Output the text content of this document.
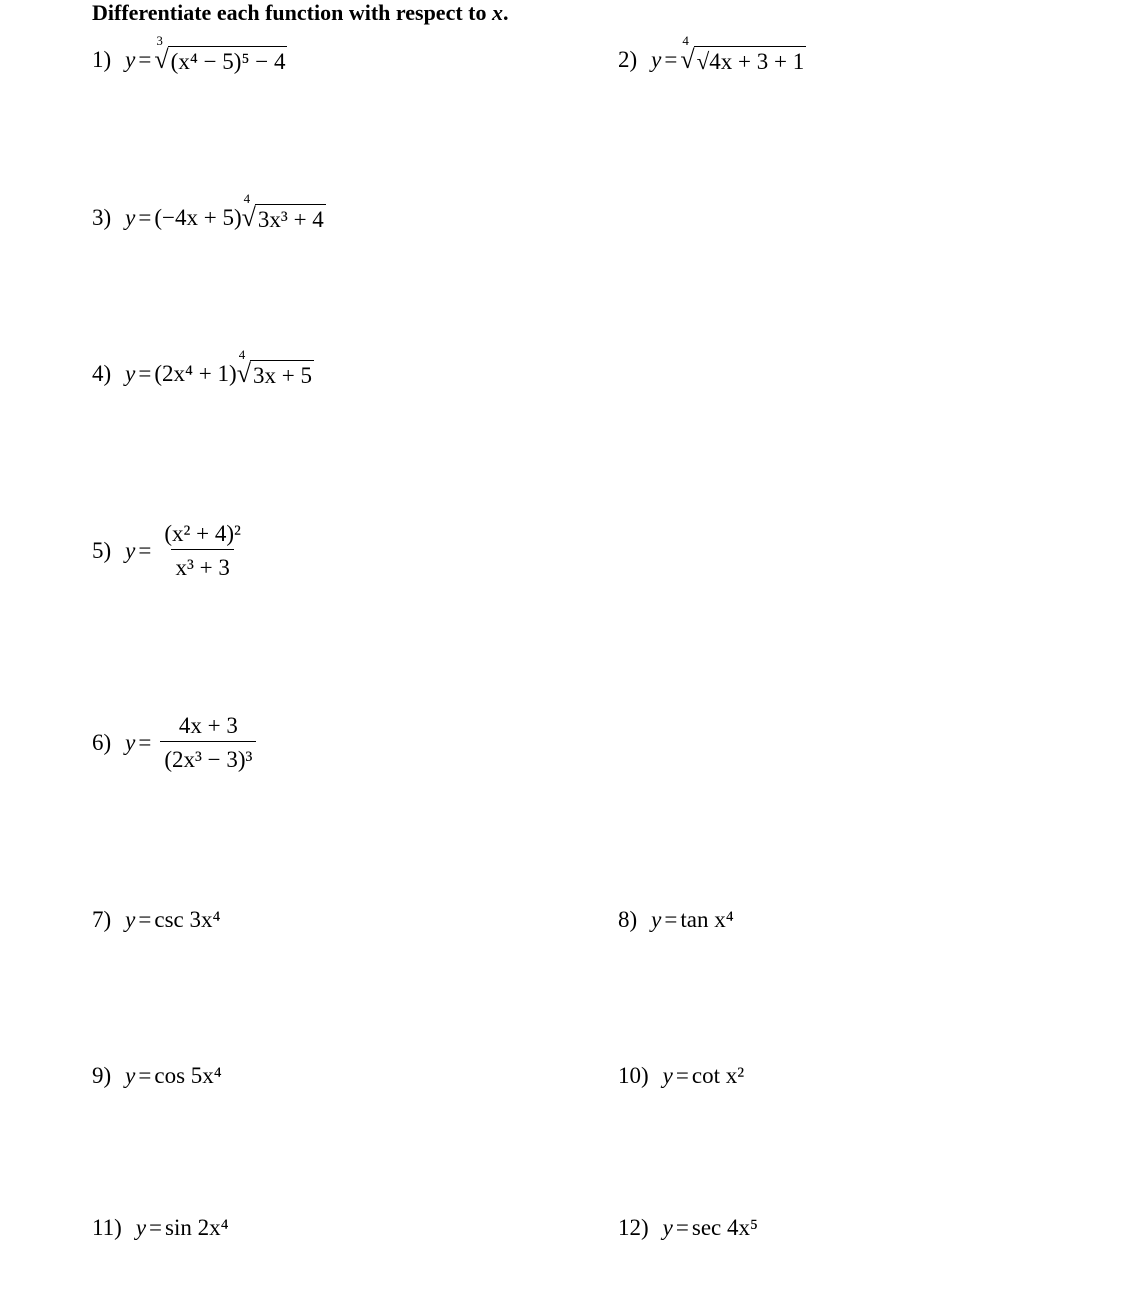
Differentiate each function with respect to x.
1) y =
3
√ (x⁴ − 5)⁵ − 4	2) y =
4
√ √4x + 3 + 1
3) y = (−4x + 5)
4
√ 3x³ + 4
4) y = (2x⁴ + 1)
4
√ 3x + 5
5) $y = \frac{\text{(x² + 4)²}}{\text{x³ + 3}}$
6) $y = \frac{4x + 3}{\text{(2x³ − 3)³}}$
7) y = csc 3x⁴	8) y = tan x⁴
9) y = cos 5x⁴	10) y = cot x²
11) y = sin 2x⁴	12) y = sec 4x⁵
